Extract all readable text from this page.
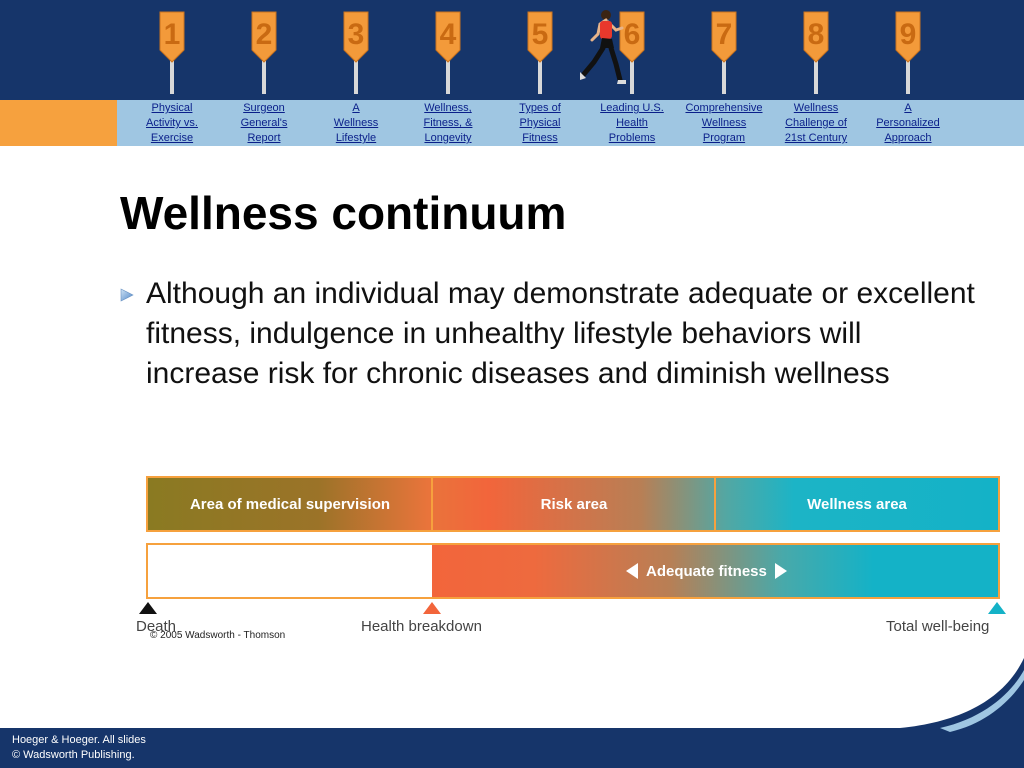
1	2	3	4	5	6	7	8	9
Physical
Activity vs.
Exercise
Surgeon
General's
Report
A
Wellness
Lifestyle
Wellness,
Fitness, &
Longevity
Types of
Physical
Fitness
Leading U.S.
Health
Problems
Comprehensive
Wellness
Program
Wellness
Challenge of
21st Century
A
Personalized
Approach
Wellness continuum
Although an individual may demonstrate adequate or excellent fitness, indulgence in unhealthy lifestyle behaviors will increase risk for chronic diseases and diminish wellness
Area of medical supervision	Risk area	Wellness area
Adequate fitness
Death	Health breakdown	Total well-being
© 2005 Wadsworth - Thomson
Hoeger & Hoeger. All slides
© Wadsworth Publishing.
